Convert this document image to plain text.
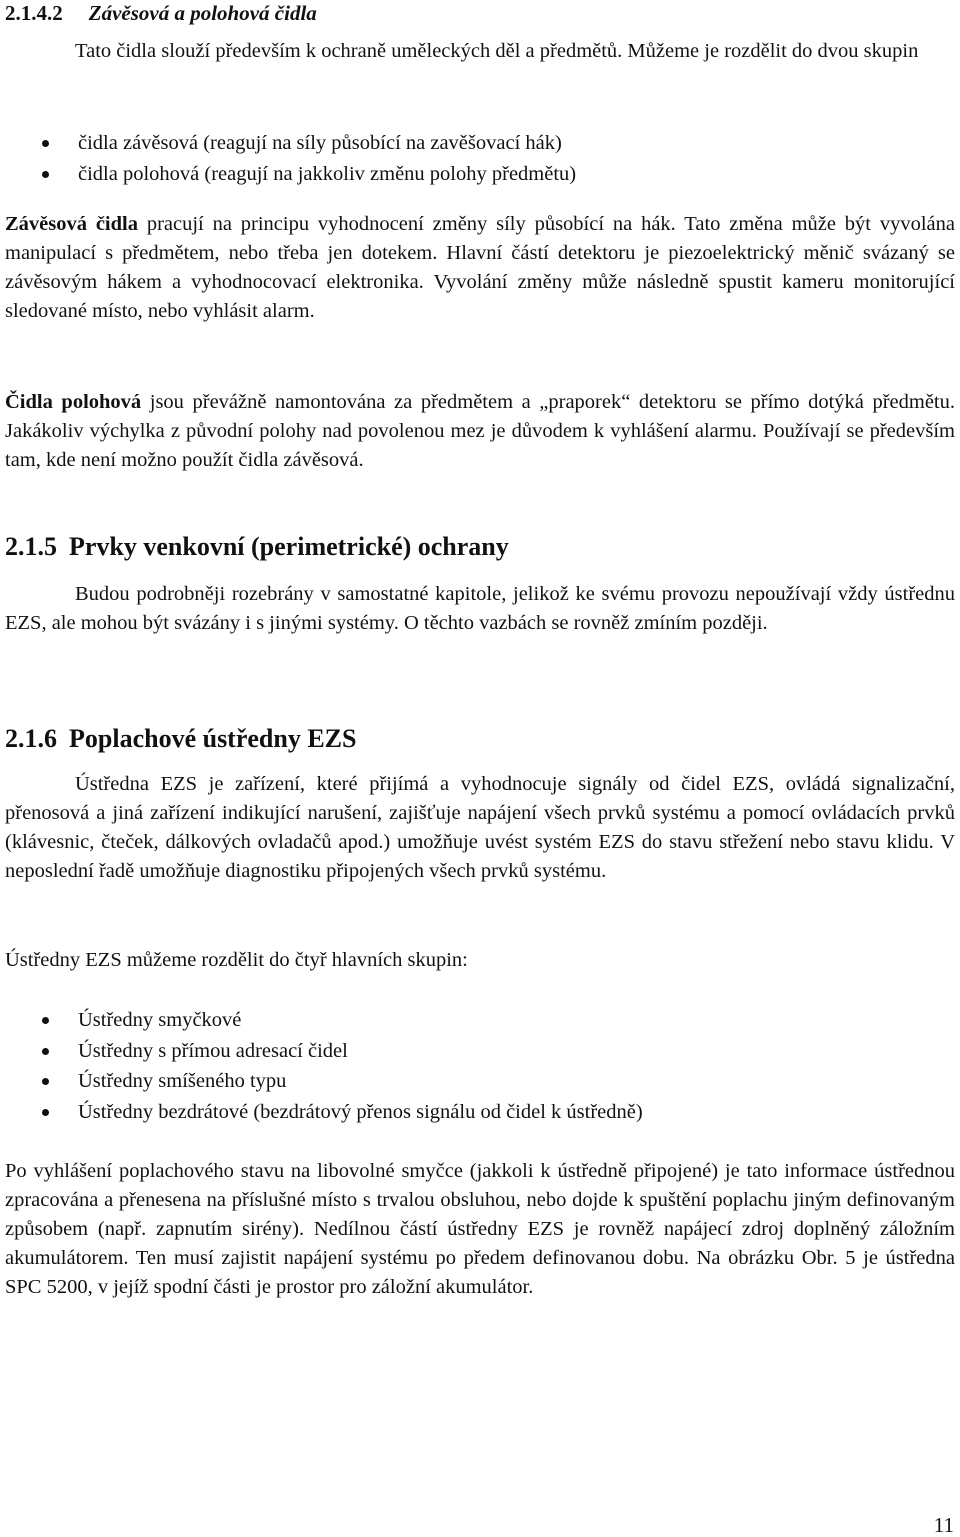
2.1.4.2 Závěsová a polohová čidla

Tato čidla slouží především k ochraně uměleckých děl a předmětů. Můžeme je rozdělit do dvou skupin

čidla závěsová (reagují na síly působící na zavěšovací hák)
čidla polohová (reagují na jakkoliv změnu polohy předmětu)

Závěsová čidla pracují na principu vyhodnocení změny síly působící na hák. Tato změna může být vyvolána manipulací s předmětem, nebo třeba jen dotekem. Hlavní částí detektoru je piezoelektrický měnič svázaný se závěsovým hákem a vyhodnocovací elektronika. Vyvolání změny může následně spustit kameru monitorující sledované místo, nebo vyhlásit alarm.

Čidla polohová jsou převážně namontována za předmětem a „praporek“ detektoru se přímo dotýká předmětu. Jakákoliv výchylka z původní polohy nad povolenou mez je důvodem k vyhlášení alarmu. Používají se především tam, kde není možno použít čidla závěsová.

2.1.5 Prvky venkovní (perimetrické) ochrany

Budou podrobněji rozebrány v samostatné kapitole, jelikož ke svému provozu nepoužívají vždy ústřednu EZS, ale mohou být svázány i s jinými systémy. O těchto vazbách se rovněž zmíním později.

2.1.6 Poplachové ústředny EZS

Ústředna EZS je zařízení, které přijímá a vyhodnocuje signály od čidel EZS, ovládá signalizační, přenosová a jiná zařízení indikující narušení, zajišťuje napájení všech prvků systému a pomocí ovládacích prvků (klávesnic, čteček, dálkových ovladačů apod.) umožňuje uvést systém EZS do stavu střežení nebo stavu klidu. V neposlední řadě umožňuje diagnostiku připojených všech prvků systému.

Ústředny EZS můžeme rozdělit do čtyř hlavních skupin:

Ústředny smyčkové
Ústředny s přímou adresací čidel
Ústředny smíšeného typu
Ústředny bezdrátové (bezdrátový přenos signálu od čidel k ústředně)

Po vyhlášení poplachového stavu na libovolné smyčce (jakkoli k ústředně připojené) je tato informace ústřednou zpracována a přenesena na příslušné místo s trvalou obsluhou, nebo dojde k spuštění poplachu jiným definovaným způsobem (např. zapnutím sirény). Nedílnou částí ústředny EZS je rovněž napájecí zdroj doplněný záložním akumulátorem. Ten musí zajistit napájení systému po předem definovanou dobu. Na obrázku Obr. 5 je ústředna SPC 5200, v jejíž spodní části je prostor pro záložní akumulátor.

11
